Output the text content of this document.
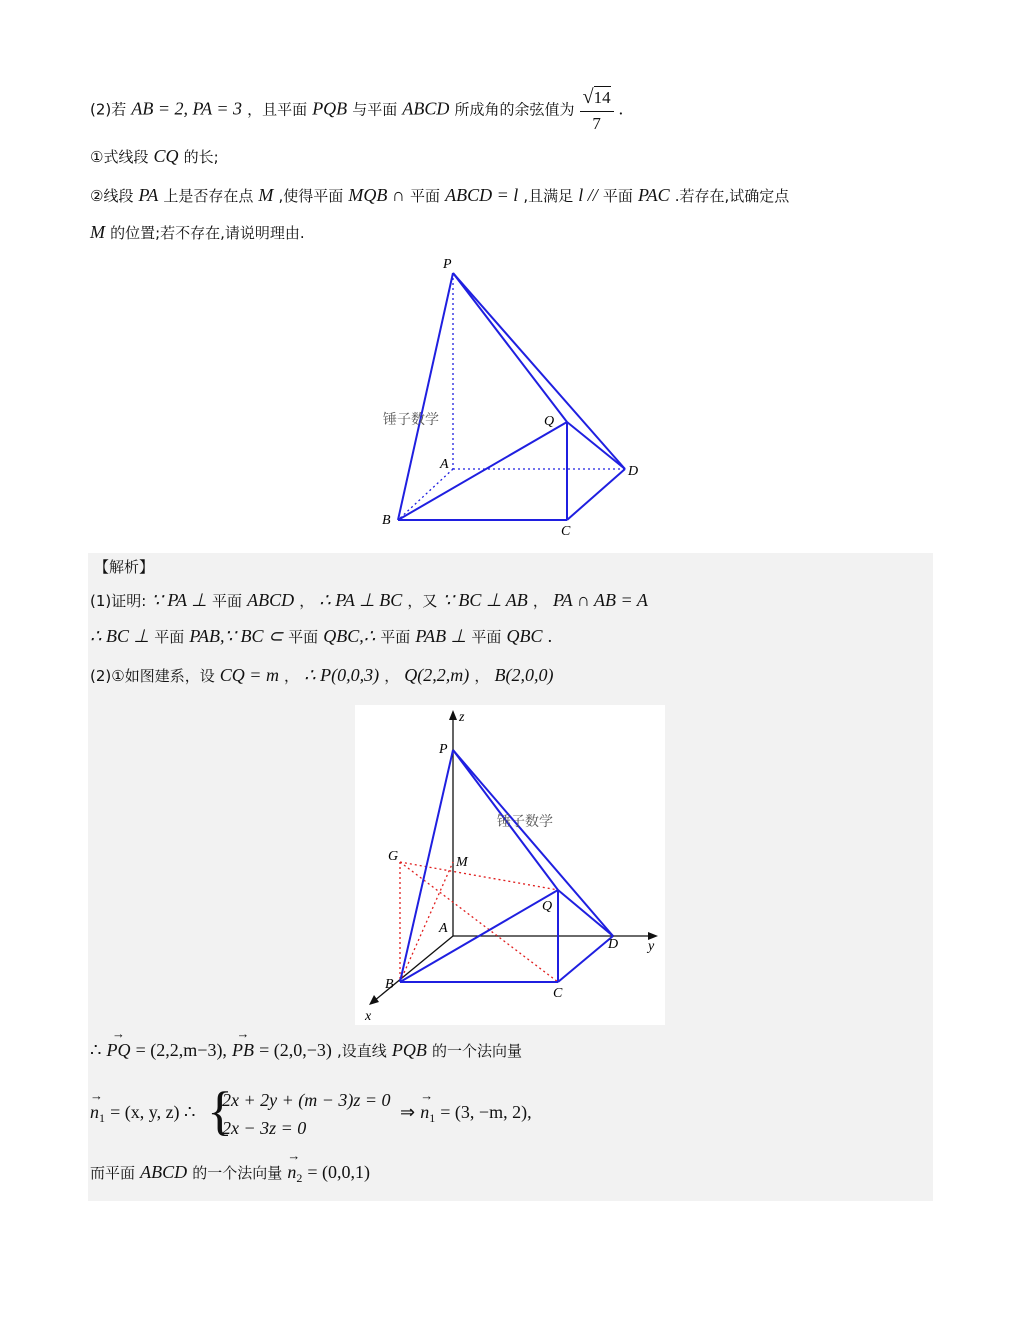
(2)若 AB = 2, PA = 3 ，且平面 PQB 与平面 ABCD 所成角的余弦值为 $\frac{√14}{7}$ .
①式线段 CQ 的长;
②线段 PA 上是否存在点 M ,使得平面 MQB ∩ 平面 ABCD = l ,且满足 l // 平面 PAC .若存在,试确定点
M 的位置;若不存在,请说明理由.
P
Q
A
B
C
D
锤子数学
【解析】
(1)证明: ∵ PA ⊥ 平面 ABCD ， ∴ PA ⊥ BC ，又 ∵ BC ⊥ AB ， PA ∩ AB = A
∴ BC ⊥ 平面 PAB,∵ BC ⊂ 平面 QBC,∴ 平面 PAB ⊥ 平面 QBC .
(2)①如图建系，设 CQ = m ， ∴ P(0,0,3) ， Q(2,2,m) ， B(2,0,0)
z
P
G	M
Q
A
D y
B
C
x
锤子数学
∴ → PQ = (2,2,m−3), → PB = (2,0,−3) ,设直线 PQB 的一个法向量
→ $n_1 = (x$, y, z) ∴ {
2x + 2y + (m − 3)z = 0
2x − 3z = 0
⇒ → $n_1 = (3$, −m, 2),
而平面 ABCD 的一个法向量 → $n_2 = (0,0,1)$
